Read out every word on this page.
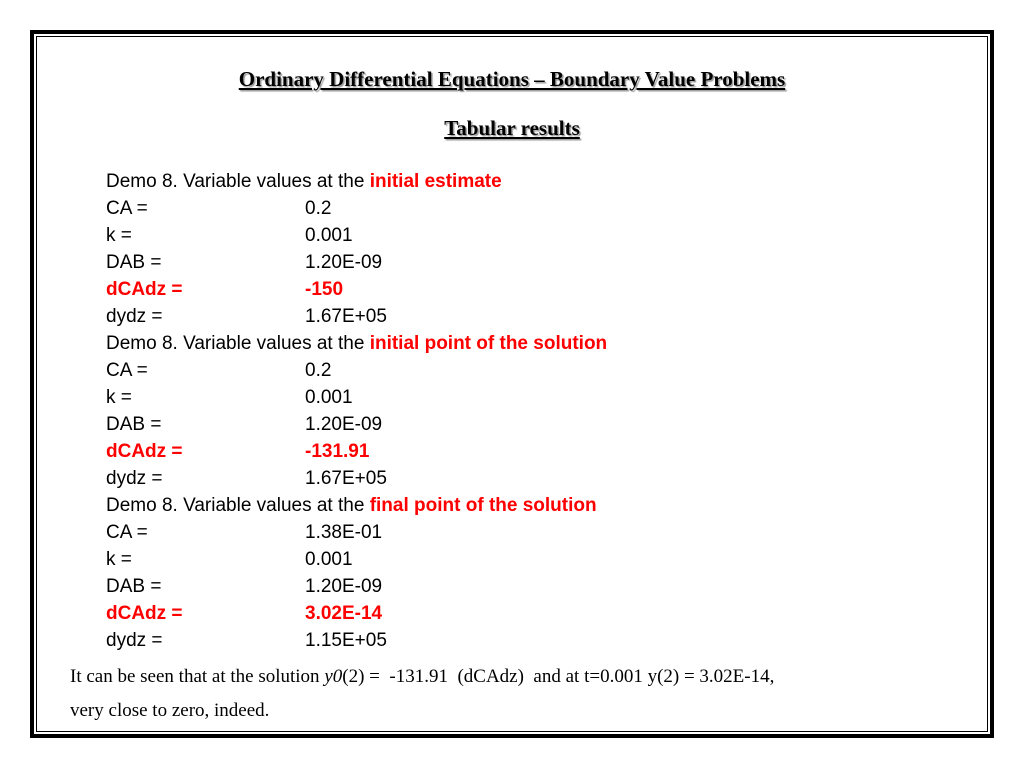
Ordinary Differential Equations – Boundary Value Problems
Tabular results
Demo 8. Variable values at the initial estimate
CA =	0.2
k =	0.001
DAB =	1.20E-09
dCAdz =	-150
dydz =	1.67E+05
Demo 8. Variable values at the initial point of the solution
CA =	0.2
k =	0.001
DAB =	1.20E-09
dCAdz =	-131.91
dydz =	1.67E+05
Demo 8. Variable values at the final point of the solution
CA =	1.38E-01
k =	0.001
DAB =	1.20E-09
dCAdz =	3.02E-14
dydz =	1.15E+05
It can be seen that at the solution y0(2) =  -131.91  (dCAdz)  and at t=0.001 y(2) = 3.02E-14,
very close to zero, indeed.
